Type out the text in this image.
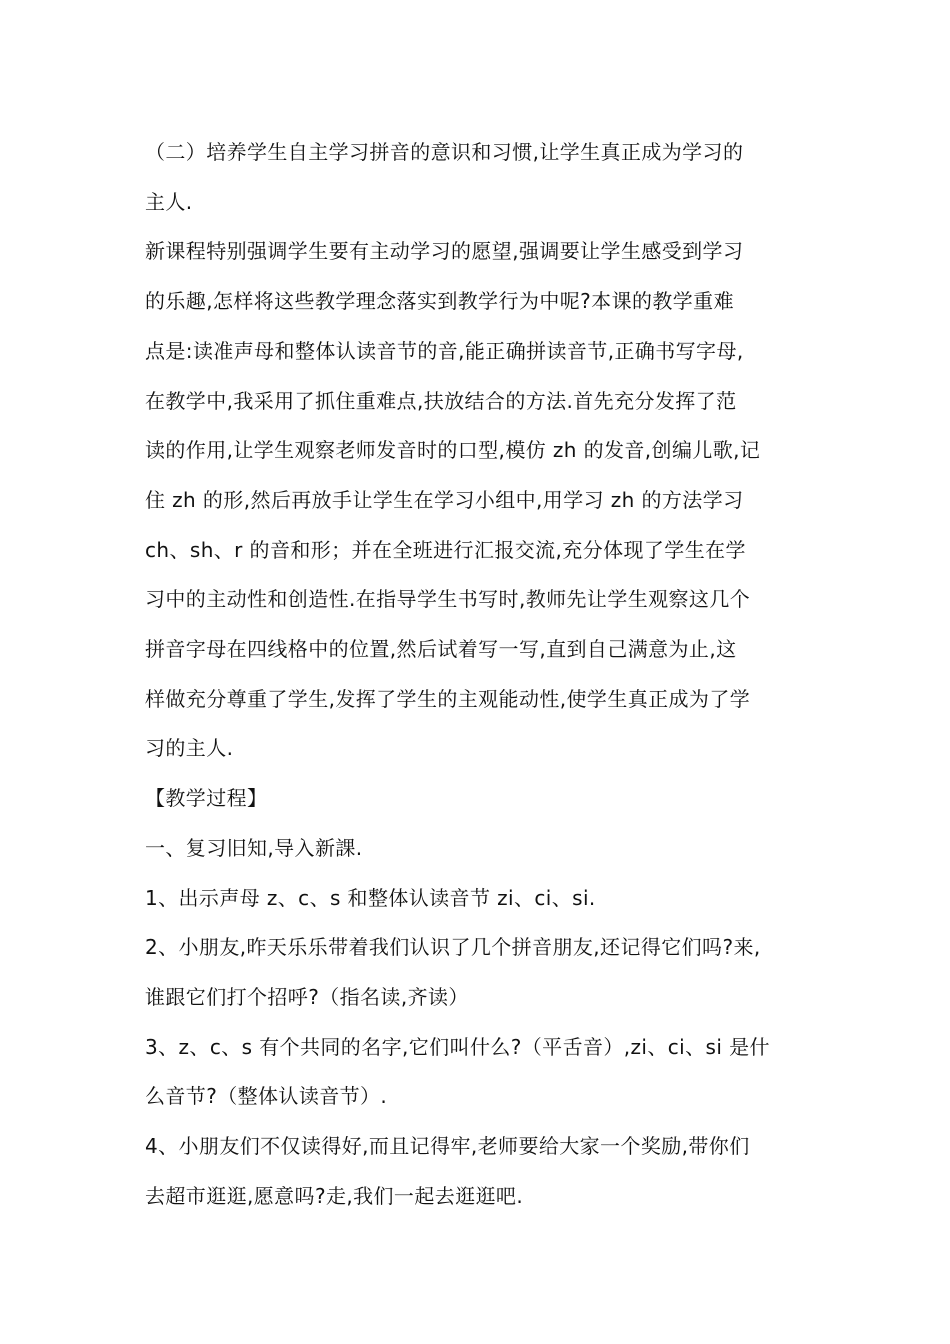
（二）培养学生自主学习拼音的意识和习惯,让学生真正成为学习的
主人.

新课程特别强调学生要有主动学习的愿望,强调要让学生感受到学习
的乐趣,怎样将这些教学理念落实到教学行为中呢?本课的教学重难
点是:读准声母和整体认读音节的音,能正确拼读音节,正确书写字母,
在教学中,我采用了抓住重难点,扶放结合的方法.首先充分发挥了范
读的作用,让学生观察老师发音时的口型,模仿 zh 的发音,创编儿歌,记
住 zh 的形,然后再放手让学生在学习小组中,用学习 zh 的方法学习
ch、sh、r 的音和形；并在全班进行汇报交流,充分体现了学生在学
习中的主动性和创造性.在指导学生书写时,教师先让学生观察这几个
拼音字母在四线格中的位置,然后试着写一写,直到自己满意为止,这
样做充分尊重了学生,发挥了学生的主观能动性,使学生真正成为了学
习的主人.

【教学过程】

一、复习旧知,导入新課.

1、出示声母 z、c、s 和整体认读音节 zi、ci、si.

2、小朋友,昨天乐乐带着我们认识了几个拼音朋友,还记得它们吗?来,
谁跟它们打个招呼?（指名读,齐读）

3、z、c、s 有个共同的名字,它们叫什么?（平舌音）,zi、ci、si 是什
么音节?（整体认读音节）.

4、小朋友们不仅读得好,而且记得牢,老师要给大家一个奖励,带你们
去超市逛逛,愿意吗?走,我们一起去逛逛吧.
